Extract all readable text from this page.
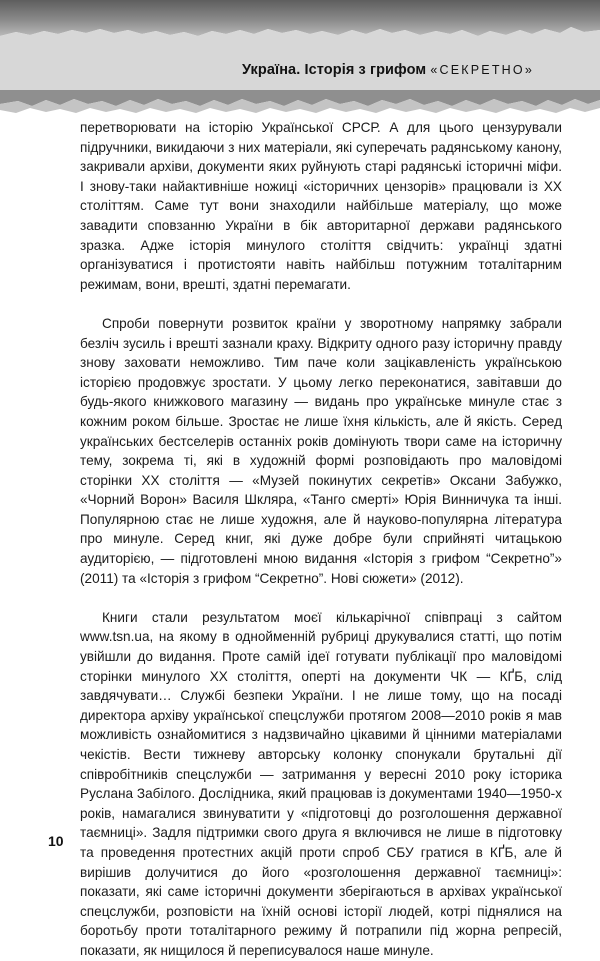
Україна. Історія з грифом «СЕКРЕТНО»

перетворювати на історію Української СРСР. А для цього цензурували підручники, викидаючи з них матеріали, які суперечать радянському канону, закривали архіви, документи яких руйнують старі радянські історичні міфи. І знову-таки найактивніше ножиці «історичних цензорів» працювали із ХХ століттям. Саме тут вони знаходили найбільше матеріалу, що може завадити сповзанню України в бік авторитарної держави радянського зразка. Адже історія минулого століття свідчить: українці здатні організуватися і протистояти навіть найбільш потужним тоталітарним режимам, вони, врешті, здатні перемагати.

Спроби повернути розвиток країни у зворотному напрямку забрали безліч зусиль і врешті зазнали краху. Відкриту одного разу історичну правду знову заховати неможливо. Тим паче коли зацікавленість українською історією продовжує зростати. У цьому легко переконатися, завітавши до будь-якого книжкового магазину — видань про українське минуле стає з кожним роком більше. Зростає не лише їхня кількість, але й якість. Серед українських бестселерів останніх років домінують твори саме на історичну тему, зокрема ті, які в художній формі розповідають про маловідомі сторінки ХХ століття — «Музей покинутих секретів» Оксани Забужко, «Чорний Ворон» Василя Шкляра, «Танго смерті» Юрія Винничука та інші. Популярною стає не лише художня, але й науково-популярна література про минуле. Серед книг, які дуже добре були сприйняті читацькою аудиторією, — підготовлені мною видання «Історія з грифом “Секретно”» (2011) та «Історія з грифом “Секретно”. Нові сюжети» (2012).

Книги стали результатом моєї кількарічної співпраці з сайтом www.tsn.ua, на якому в однойменній рубриці друкувалися статті, що потім увійшли до видання. Проте самій ідеї готувати публікації про маловідомі сторінки минулого ХХ століття, оперті на документи ЧК — КҐБ, слід завдячувати… Службі безпеки України. І не лише тому, що на посаді директора архіву української спецслужби протягом 2008—2010 років я мав можливість ознайомитися з надзвичайно цікавими й цінними матеріалами чекістів. Вести тижневу авторську колонку спонукали брутальні дії співробітників спецслужби — затримання у вересні 2010 року історика Руслана Забілого. Дослідника, який працював із документами 1940—1950-х років, намагалися звинуватити у «підготовці до розголошення державної таємниці». Задля підтримки свого друга я включився не лише в підготовку та проведення протестних акцій проти спроб СБУ гратися в КҐБ, але й вирішив долучитися до його «розголошення державної таємниці»: показати, які саме історичні документи зберігаються в архівах української спецслужби, розповісти на їхній основі історії людей, котрі піднялися на боротьбу проти тоталітарного режиму й потрапили під жорна репресій, показати, як нищилося й переписувалося наше минуле.

10
